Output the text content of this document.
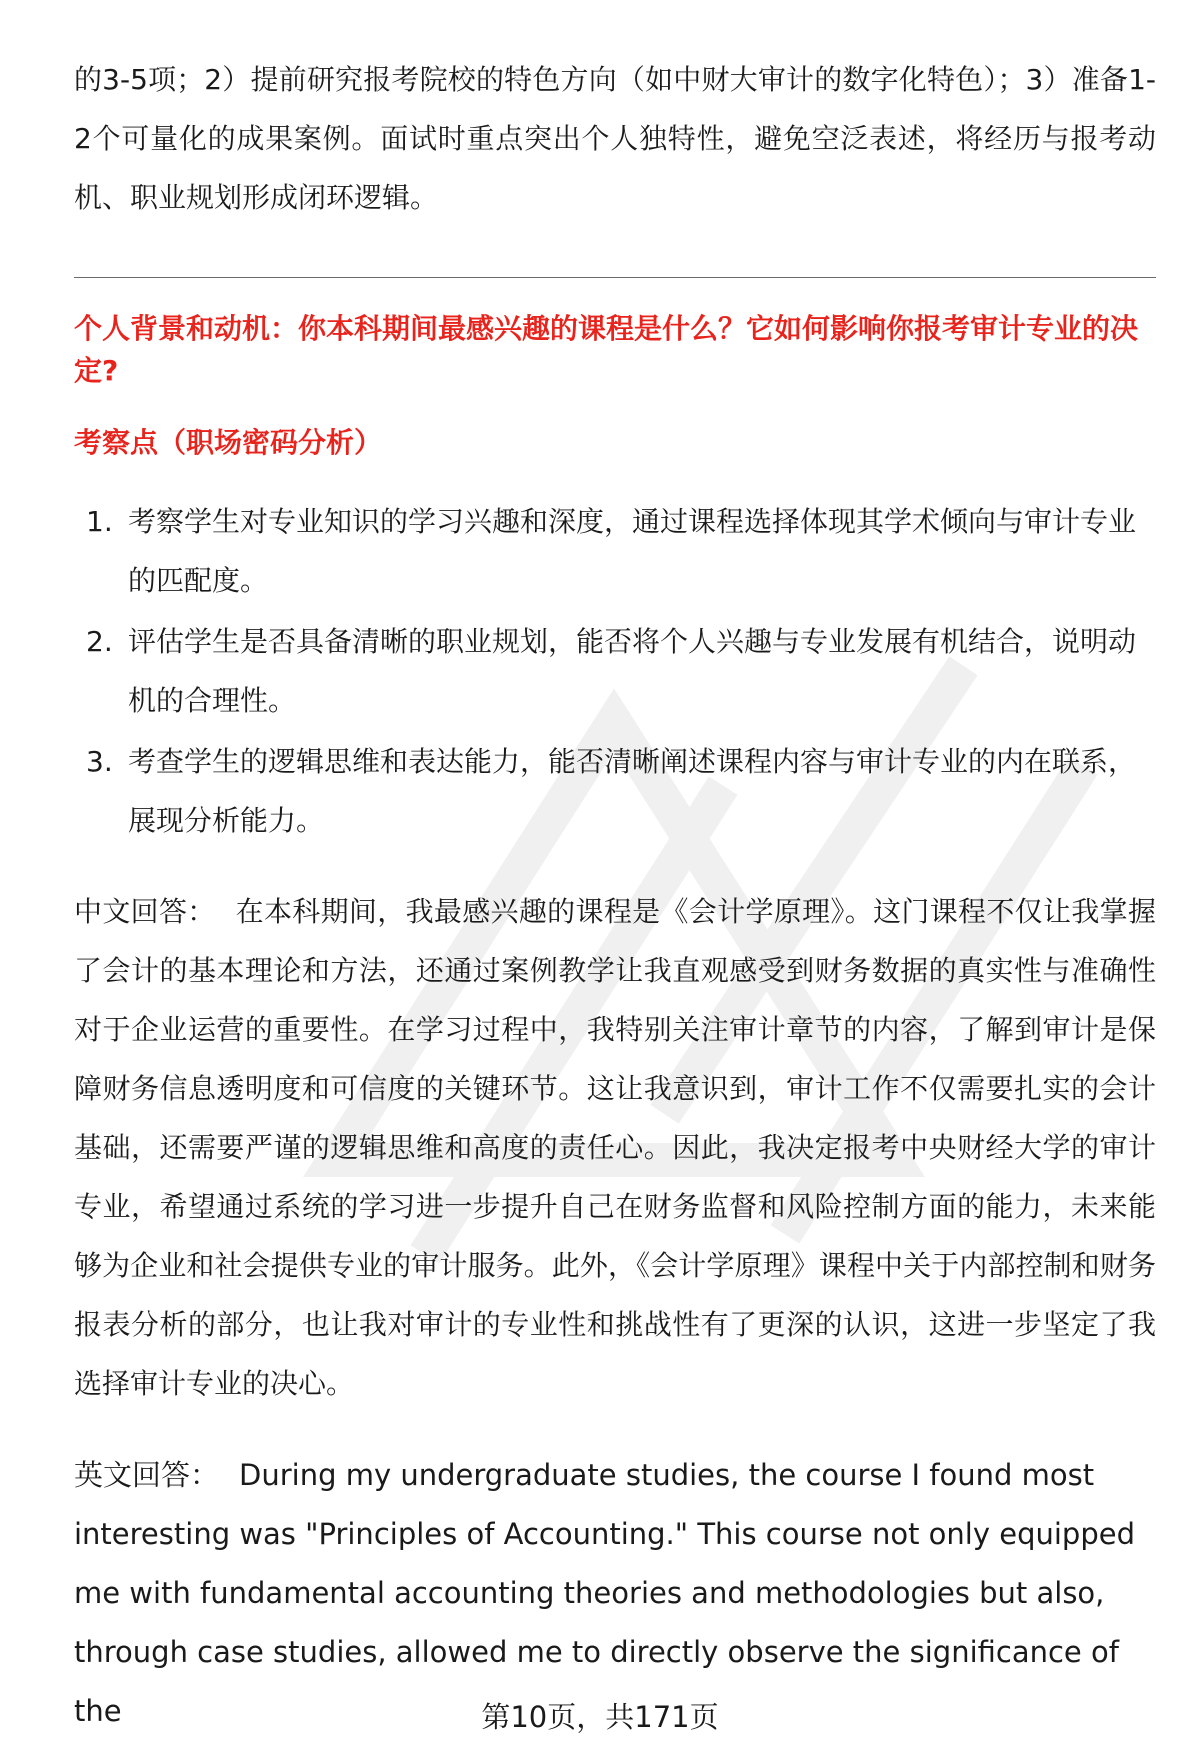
的3-5项；2）提前研究报考院校的特色方向（如中财大审计的数字化特色）；3）准备1-2个可量化的成果案例。面试时重点突出个人独特性，避免空泛表述，将经历与报考动机、职业规划形成闭环逻辑。

个人背景和动机：你本科期间最感兴趣的课程是什么？它如何影响你报考审计专业的决定?
考察点（职场密码分析）
1. 考察学生对专业知识的学习兴趣和深度，通过课程选择体现其学术倾向与审计专业的匹配度。
2. 评估学生是否具备清晰的职业规划，能否将个人兴趣与专业发展有机结合，说明动机的合理性。
3. 考查学生的逻辑思维和表达能力，能否清晰阐述课程内容与审计专业的内在联系，展现分析能力。

中文回答： 在本科期间，我最感兴趣的课程是《会计学原理》。这门课程不仅让我掌握了会计的基本理论和方法，还通过案例教学让我直观感受到财务数据的真实性与准确性对于企业运营的重要性。在学习过程中，我特别关注审计章节的内容，了解到审计是保障财务信息透明度和可信度的关键环节。这让我意识到，审计工作不仅需要扎实的会计基础，还需要严谨的逻辑思维和高度的责任心。因此，我决定报考中央财经大学的审计专业，希望通过系统的学习进一步提升自己在财务监督和风险控制方面的能力，未来能够为企业和社会提供专业的审计服务。此外，《会计学原理》课程中关于内部控制和财务报表分析的部分，也让我对审计的专业性和挑战性有了更深的认识，这进一步坚定了我选择审计专业的决心。

英文回答： During my undergraduate studies, the course I found most interesting was "Principles of Accounting." This course not only equipped me with fundamental accounting theories and methodologies but also, through case studies, allowed me to directly observe the significance of the	第10页，共171页
